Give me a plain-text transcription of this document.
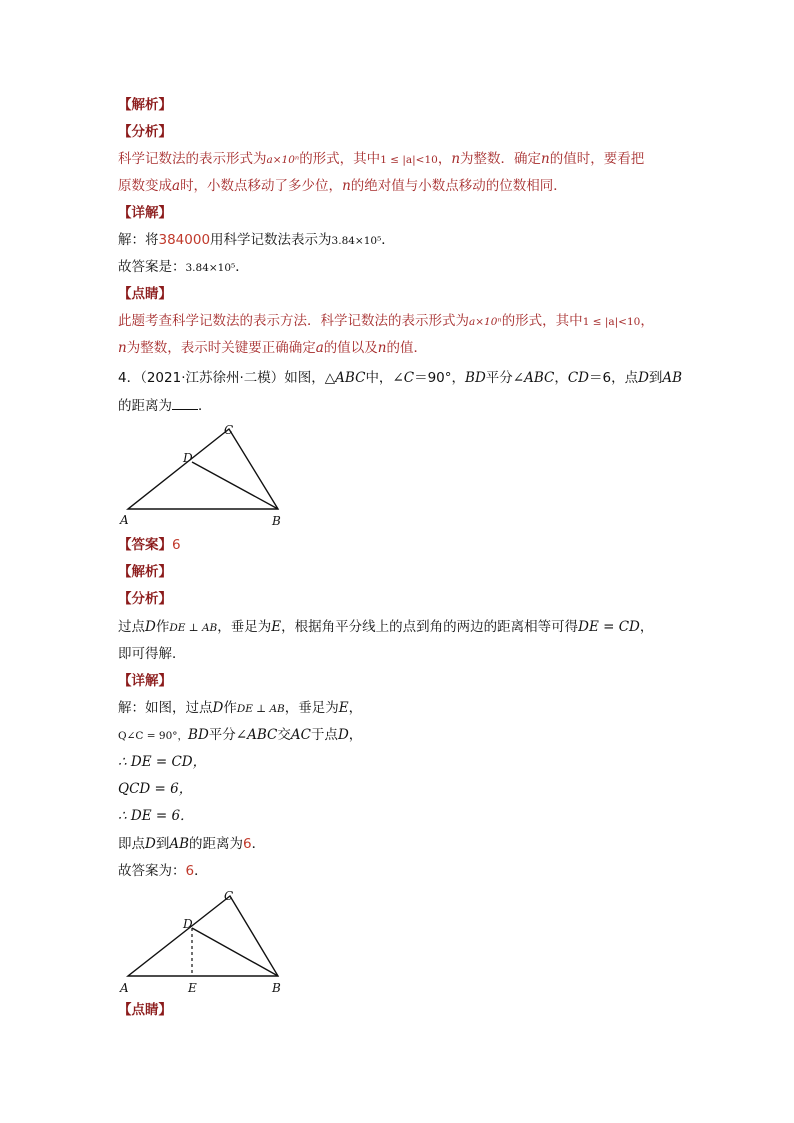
【解析】
【分析】
科学记数法的表示形式为a×10ⁿ的形式，其中1 ≤ |a|<10，n为整数．确定n的值时，要看把
原数变成a时，小数点移动了多少位，n的绝对值与小数点移动的位数相同．
【详解】
解：将384000用科学记数法表示为3.84×10⁵．
故答案是：3.84×10⁵．
【点睛】
此题考查科学记数法的表示方法．科学记数法的表示形式为a×10ⁿ的形式，其中1 ≤ |a|<10，
n为整数，表示时关键要正确确定a的值以及n的值．
4．（2021·江苏徐州·二模）如图，△ABC中，∠C＝90°，BD平分∠ABC，CD＝6，点D到AB
的距离为 ．
C
D
A	B
【答案】6
【解析】
【分析】
过点D作DE ⊥ AB，垂足为E，根据角平分线上的点到角的两边的距离相等可得DE = CD，
即可得解．
【详解】
解：如图，过点D作DE ⊥ AB，垂足为E，
Q∠C = 90°，BD平分∠ABC交AC于点D，
∴ DE = CD，
QCD = 6，
∴ DE = 6．
即点D到AB的距离为6．
故答案为：6．
C
D
A	E	B
【点睛】
